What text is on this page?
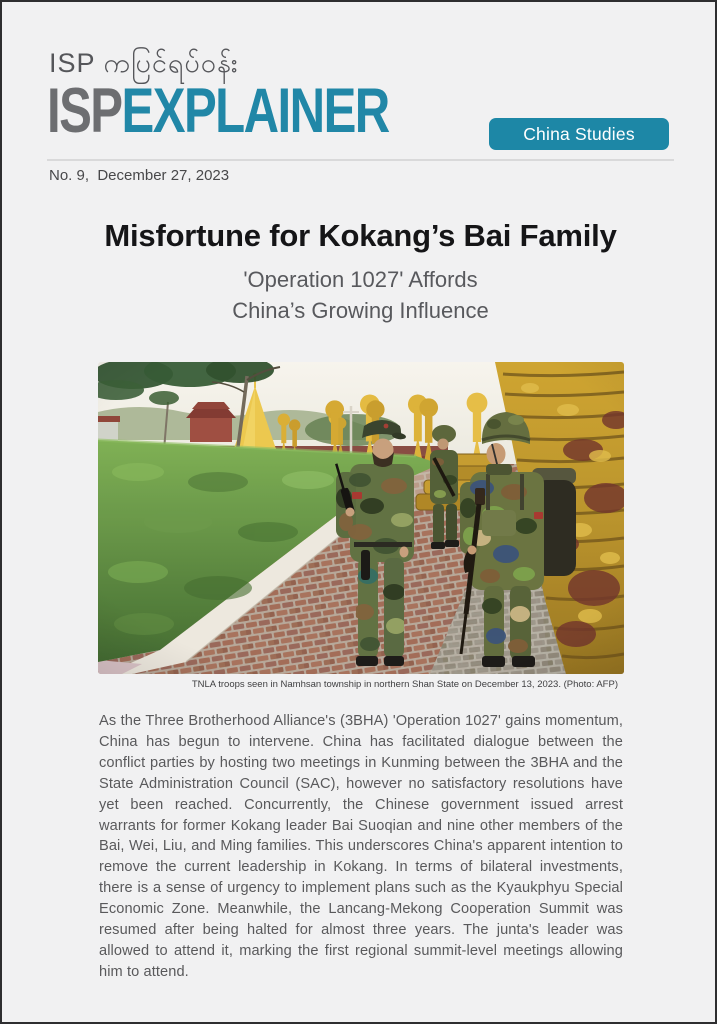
ISP ကပြင်ရပ်ဝန်း
ISPEXPLAINER	China Studies
No. 9,  December 27, 2023
Misfortune for Kokang’s Bai Family
'Operation 1027' Affords
China’s Growing Influence
TNLA troops seen in Namhsan township in northern Shan State on December 13, 2023. (Photo: AFP)

As the Three Brotherhood Alliance's (3BHA) 'Operation 1027' gains momentum, China has begun to intervene. China has facilitated dialogue between the conflict parties by hosting two meetings in Kunming between the 3BHA and the State Administration Council (SAC), however no satisfactory resolutions have yet been reached. Concurrently, the Chinese government issued arrest warrants for former Kokang leader Bai Suoqian and nine other members of the Bai, Wei, Liu, and Ming families. This underscores China's apparent intention to remove the current leadership in Kokang. In terms of bilateral investments, there is a sense of urgency to implement plans such as the Kyaukphyu Special Economic Zone. Meanwhile, the Lancang-Mekong Cooperation Summit was resumed after being halted for almost three years. The junta's leader was allowed to attend it, marking the first regional summit-level meetings allowing him to attend.
